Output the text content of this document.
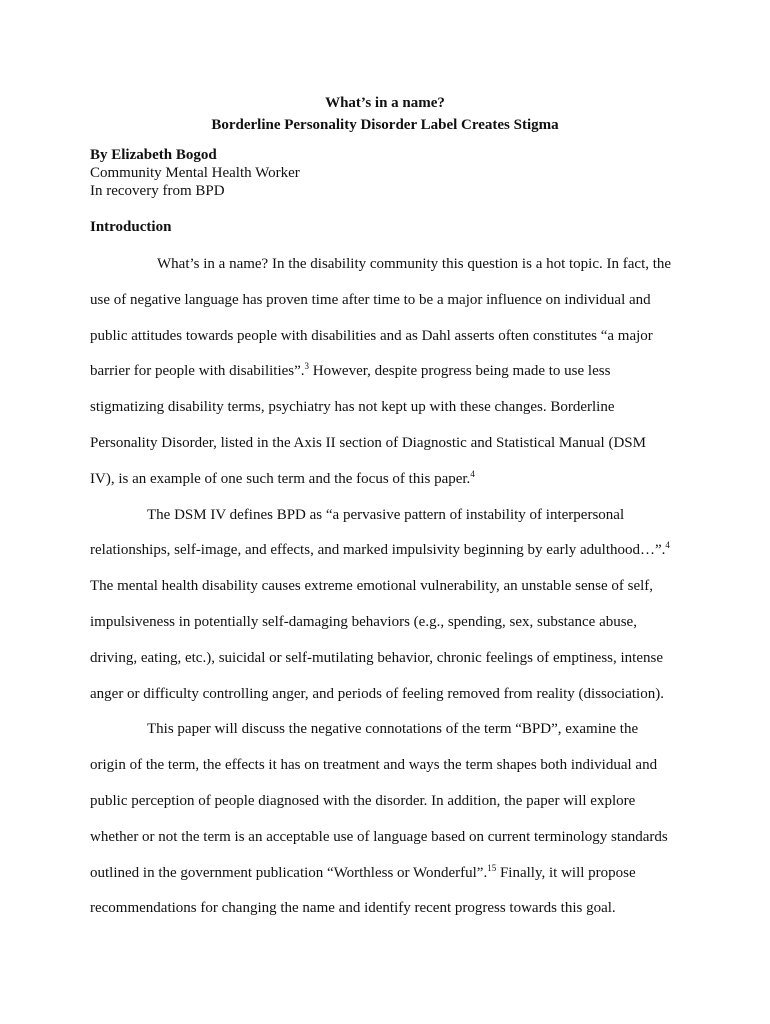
What’s in a name?
Borderline Personality Disorder Label Creates Stigma
By Elizabeth Bogod
Community Mental Health Worker
In recovery from BPD
Introduction
What’s in a name? In the disability community this question is a hot topic. In fact, the
use of negative language has proven time after time to be a major influence on individual and
public attitudes towards people with disabilities and as Dahl asserts often constitutes “a major
barrier for people with disabilities”.$^3$ However, despite progress being made to use less
stigmatizing disability terms, psychiatry has not kept up with these changes. Borderline
Personality Disorder, listed in the Axis II section of Diagnostic and Statistical Manual (DSM
IV), is an example of one such term and the focus of this paper.$^4$
The DSM IV defines BPD as “a pervasive pattern of instability of interpersonal
relationships, self-image, and effects, and marked impulsivity beginning by early adulthood…”.$^4$
The mental health disability causes extreme emotional vulnerability, an unstable sense of self,
impulsiveness in potentially self-damaging behaviors (e.g., spending, sex, substance abuse,
driving, eating, etc.), suicidal or self-mutilating behavior, chronic feelings of emptiness, intense
anger or difficulty controlling anger, and periods of feeling removed from reality (dissociation).
This paper will discuss the negative connotations of the term “BPD”, examine the
origin of the term, the effects it has on treatment and ways the term shapes both individual and
public perception of people diagnosed with the disorder. In addition, the paper will explore
whether or not the term is an acceptable use of language based on current terminology standards
outlined in the government publication “Worthless or Wonderful”.$^{15}$ Finally, it will propose
recommendations for changing the name and identify recent progress towards this goal.
